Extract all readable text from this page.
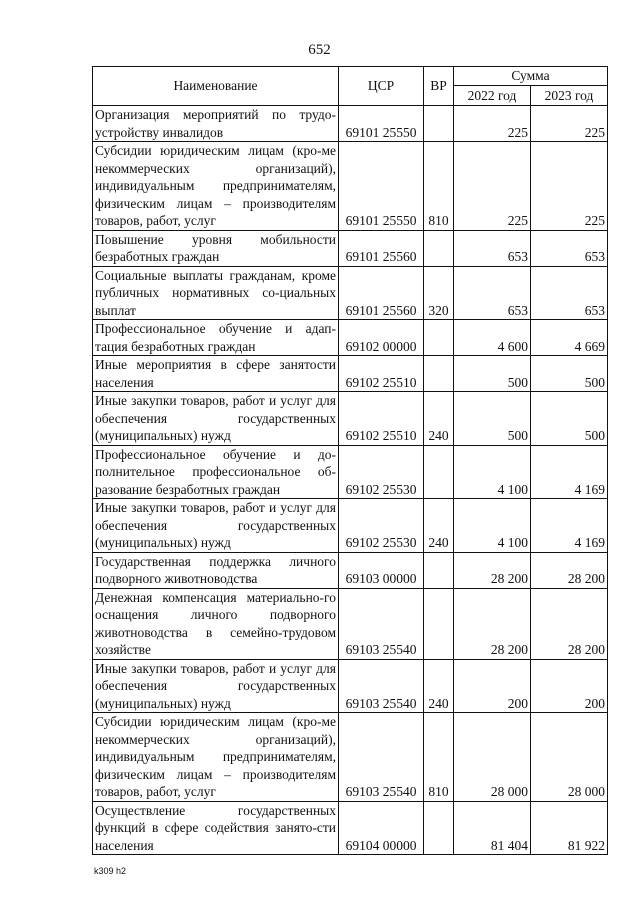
652
Наименование	ЦСР	ВР	Сумма	
			2022 год	2023 год
Организация мероприятий по трудо-устройству инвалидов	69101 25550		225	225
Субсидии юридическим лицам (кро-ме некоммерческих организаций), индивидуальным предпринимателям, физическим лицам – производителям товаров, работ, услуг	69101 25550	810	225	225
Повышение уровня мобильности безработных граждан	69101 25560		653	653
Социальные выплаты гражданам, кроме публичных нормативных со-циальных выплат	69101 25560	320	653	653
Профессиональное обучение и адап-тация безработных граждан	69102 00000		4 600	4 669
Иные мероприятия в сфере занятости населения	69102 25510		500	500
Иные закупки товаров, работ и услуг для обеспечения государственных (муниципальных) нужд	69102 25510	240	500	500
Профессиональное обучение и до-полнительное профессиональное об-разование безработных граждан	69102 25530		4 100	4 169
Иные закупки товаров, работ и услуг для обеспечения государственных (муниципальных) нужд	69102 25530	240	4 100	4 169
Государственная поддержка личного подворного животноводства	69103 00000		28 200	28 200
Денежная компенсация материально-го оснащения личного подворного животноводства в семейно-трудовом хозяйстве	69103 25540		28 200	28 200
Иные закупки товаров, работ и услуг для обеспечения государственных (муниципальных) нужд	69103 25540	240	200	200
Субсидии юридическим лицам (кро-ме некоммерческих организаций), индивидуальным предпринимателям, физическим лицам – производителям товаров, работ, услуг	69103 25540	810	28 000	28 000
Осуществление государственных функций в сфере содействия занято-сти населения	69104 00000		81 404	81 922
k309 h2
